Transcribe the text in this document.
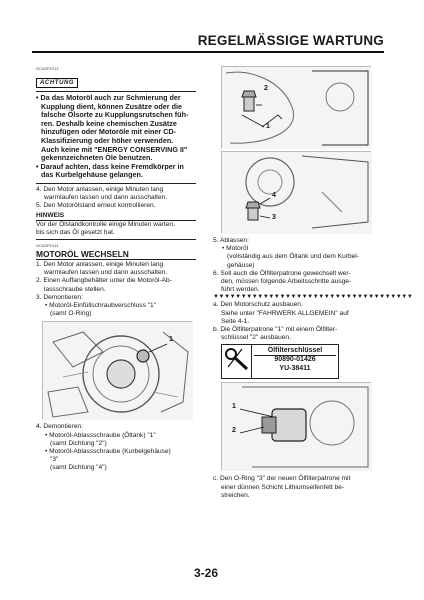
REGELMÄSSIGE WARTUNG
GCA2P1013
ACHTUNG
• Da das Motoröl auch zur Schmierung der
Kupplung dient, können Zusätze oder die
falsche Ölsorte zu Kupplungsrutschen füh-
ren. Deshalb keine chemischen Zusätze
hinzufügen oder Motoröle mit einer CD-
Klassifizierung oder höher verwenden.
Auch keine mit "ENERGY CONSERVING II"
gekennzeichneten Öle benutzen.
• Darauf achten, dass keine Fremdkörper in
das Kurbelgehäuse gelangen.
4. Den Motor anlassen, einige Minuten lang
warmlaufen lassen und dann ausschalten.
5. Den Motorölstand erneut kontrollieren.
HINWEIS
Vor der Ölstandkontrolle einige Minuten warten,
bis sich das Öl gesetzt hat.
GCA2P1014
MOTORÖL WECHSELN
1. Den Motor anlassen, einige Minuten lang
warmlaufen lassen und dann ausschalten.
2. Einen Auffangbehälter unter die Motoröl-Ab-
lassschraube stellen.
3. Demontieren:
• Motoröl-Einfüllschraubverschluss "1"
(samt O-Ring)
1
4. Demontieren:
• Motoröl-Ablassschraube (Öltank) "1"
(samt Dichtung "2")
• Motoröl-Ablassschraube (Kurbelgehäuse)
"3"
(samt Dichtung "4")
2
1
4
3
5. Ablassen:
• Motoröl
(vollständig aus dem Öltank und dem Kurbel-
gehäuse)
6. Soll auch die Ölfilterpatrone gewechselt wer-
den, müssen folgende Arbeitsschritte ausge-
führt werden.
▼▼▼▼▼▼▼▼▼▼▼▼▼▼▼▼▼▼▼▼▼▼▼▼▼▼▼▼▼▼▼▼▼▼▼▼
a. Den Motorschutz ausbauen.
Siehe unter "FAHRWERK ALLGEMEIN" auf
Seite 4-1.
b. Die Ölfilterpatrone "1" mit einem Ölfilter-
schlüssel "2" ausbauen.
Ölfilterschlüssel
90890-01426
YU-38411
1
2
c. Den O-Ring "3" der neuen Ölfilterpatrone mit
einer dünnen Schicht Lithiumseifenfett be-
streichen.
3-26
